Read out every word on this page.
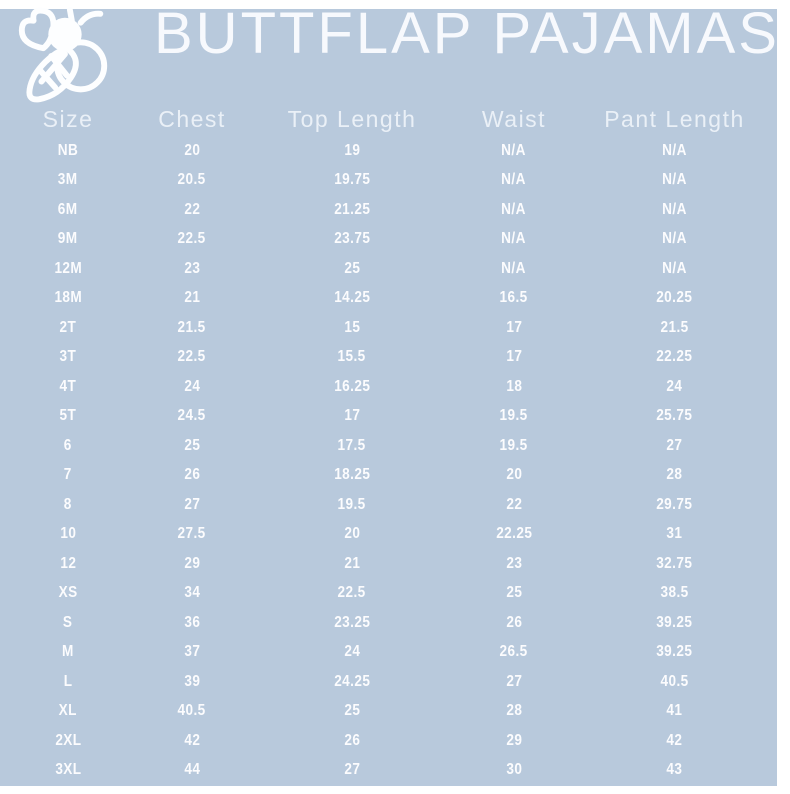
BUTTFLAP PAJAMAS
Size	Chest	Top Length	Waist	Pant Length
NB	20	19	N/A	N/A
3M	20.5	19.75	N/A	N/A
6M	22	21.25	N/A	N/A
9M	22.5	23.75	N/A	N/A
12M	23	25	N/A	N/A
18M	21	14.25	16.5	20.25
2T	21.5	15	17	21.5
3T	22.5	15.5	17	22.25
4T	24	16.25	18	24
5T	24.5	17	19.5	25.75
6	25	17.5	19.5	27
7	26	18.25	20	28
8	27	19.5	22	29.75
10	27.5	20	22.25	31
12	29	21	23	32.75
XS	34	22.5	25	38.5
S	36	23.25	26	39.25
M	37	24	26.5	39.25
L	39	24.25	27	40.5
XL	40.5	25	28	41
2XL	42	26	29	42
3XL	44	27	30	43
